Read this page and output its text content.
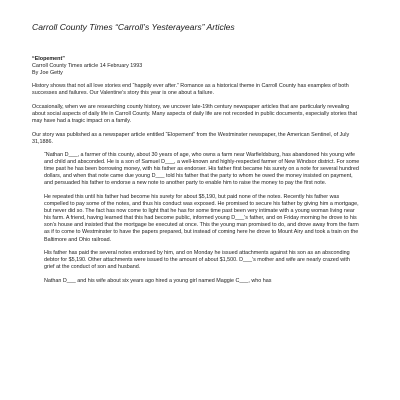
Carroll County Times “Carroll’s Yesterayears” Articles
“Elopement”
Carroll County Times article 14 February 1993
By Joe Getty

History shows that not all love stories end “happily ever after.” Romance as a historical theme in Carroll County has examples of both successes and failures. Our Valentine’s story this year is one about a failure.

Occasionally, when we are researching county history, we uncover late-19th century newspaper articles that are particularly revealing about social aspects of daily life in Carroll County. Many aspects of daily life are not recorded in public documents, especially stories that may have had a tragic impact on a family.

Our story was published as a newspaper article entitled “Elopement” from the Westminster newspaper, the American Sentinel, of July 31,1886.

“Nathan D___, a farmer of this county, about 30 years of age, who owns a farm near Warfieldsburg, has abandoned his young wife and child and absconded. He is a son of Samuel D___, a well-known and highly-respected farmer of New Windsor district. For some time past he has been borrowing money, with his father as endorser. His father first became his surety on a note for several hundred dollars, and when that note came due young D___ told his father that the party to whom he owed the money insisted on payment, and persuaded his father to endorse a new note to another party to enable him to raise the money to pay the first note.

He repeated this until his father had become his surety for about $5,190, but paid none of the notes. Recently his father was compelled to pay some of the notes, and thus his conduct was exposed. He promised to secure his father by giving him a mortgage, but never did so. The fact has now come to light that he has for some time past been very intimate with a young woman living near his farm. A friend, having learned that this had become public, informed young D___’s father, and on Friday morning he drove to his son’s house and insisted that the mortgage be executed at once. This the young man promised to do, and drove away from the farm as if to come to Westminster to have the papers prepared, but instead of coming here he drove to Mount Airy and took a train on the Baltimore and Ohio railroad.

His father has paid the several notes endorsed by him, and on Monday he issued attachments against his son as an absconding debtor for $5,190. Other attachments were issued to the amount of about $1,500. D___’s mother and wife are nearly crazed with grief at the conduct of son and husband.

Nathan D___ and his wife about six years ago hired a young girl named Maggie C___, who has
